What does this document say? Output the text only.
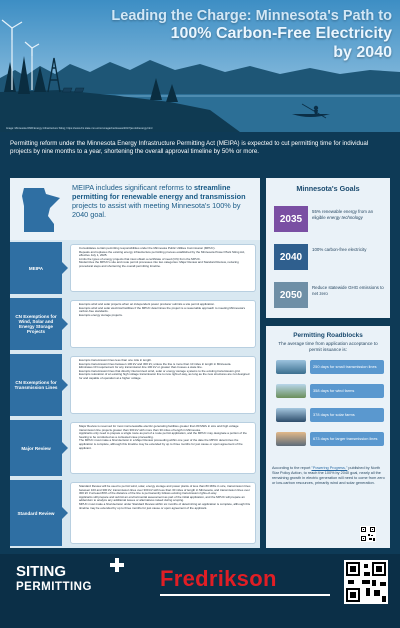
Leading the Charge: Minnesota's Path to
100% Carbon-Free Electricity
by 2040
Image: Minnesota DNR Energy Infrastructure Siting; https://www.dnr.state.mn.us/mcvmagazine/issues/2017/jan-feb/energy.html
Permitting reform under the Minnesota Energy Infrastructure Permitting Act (MEIPA) is expected to cut permitting time for individual projects by nine months to a year, shortening the overall approval timeline by 50% or more.
MEIPA includes significant reforms to streamline permitting for renewable energy and transmission projects to assist with meeting Minnesota's 100% by 2040 goal.
MEIPA
• Consolidates certain permitting responsibilities under the Minnesota Public Utilities Commission (MPUC).
• Repeals and replaces the existing energy infrastructure permitting process established by the Minnesota Power Plant Siting Act, effective July 1, 2025.
• Limits the types of energy projects that must obtain a certificate of need (CN) from the MPUC.
• Modernizes the MPUC's site and route permit processes into two categories: Major Review and Standard Review, reducing procedural steps and shortening the overall permitting timeline.
CN Exemptions for Wind, Solar and Energy Storage Projects
• Exempts wind and solar projects when an independent power producer submits a site permit application.
• Exempts wind and solar electrical facilities if the MPUC determines the project is a reasonable approach to meeting Minnesota's carbon-free standards.
• Exempts energy storage projects.
CN Exemptions for Transmission Lines
• Exempts transmission lines less than one mile in length.
• Exempts transmission lines between 100 kV and 300 kV, unless the line is more than 10 miles in length in Minnesota.
• Eliminates CN requirement for any transmission line 100 kV or greater that crosses a state line.
• Exempts transmission lines that directly interconnect wind, solar or energy storage systems to the existing transmission grid.
• Exempts relocation of an existing high voltage transmission line to new right-of-way, as long as the new structures are not designed for and capable of operation at a higher voltage.
Major Review
• Major Review is reserved for most nonrenewable electric generating facilities greater than 80 MWs in size and high voltage transmission line projects greater than 300 kV with more than 30 miles of length in Minnesota.
• Applicants only need to prepare a single route as part of a route permit application, and the MPUC may designate a portion of the hearing to be conducted as a contested case proceeding.
• The MPUC must make a final decision in a Major Review proceeding within one year of the date the MPUC determines the application is complete, although this timeline may be extended by up to three months for just cause or upon agreement of the applicant.
Standard Review
• Standard Review will be used to permit wind, solar, energy storage and power plants of less than 80 MWs in size, transmission lines between 100 and 300 kV, transmission lines over 300 kV with less than 30 miles of length in Minnesota, and transmission lines over 300 kV if at least 80% of the distance of the line is permanently follows existing transmission rights-of-way.
• Applicants still prepare and submit an environmental assessment as part of the initial application, and the MPUC will prepare an addendum to analyze any additional issues or alternatives raised during scoping.
• MPUC must make a final decision under Standard Review within six months of determining an application is complete, although this timeline may be extended by up to three months for just cause or upon agreement of the applicant.
Minnesota's Goals
2035
55% renewable energy from an eligible energy technology
2040
100% carbon-free electricity
2050
Reduce statewide GHG emissions to net zero
Permitting Roadblocks
The average time from application acceptance to permit issuance is:
250 days for small transmission lines
358 days for wind farms
378 days for solar farms
673 days for larger transmission lines
According to the report "Powering Progress," published by North Star Policy Action, to reach the 100% by 2040 goal, nearly all the remaining growth in electric generation will need to come from zero or low-carbon resources, primarily wind and solar generation.
SITING
PERMITTING	Fredrikson
